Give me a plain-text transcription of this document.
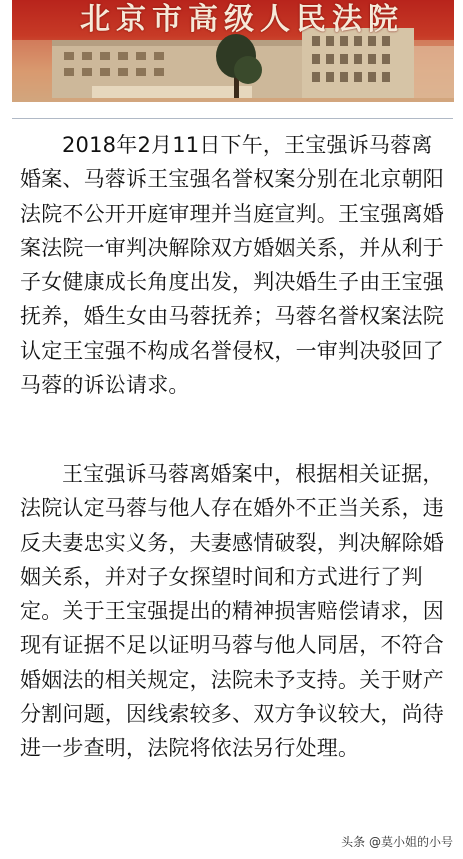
北京市高级人民法院
2018年2月11日下午，王宝强诉马蓉离婚案、马蓉诉王宝强名誉权案分别在北京朝阳法院不公开开庭审理并当庭宣判。王宝强离婚案法院一审判决解除双方婚姻关系，并从利于子女健康成长角度出发，判决婚生子由王宝强抚养，婚生女由马蓉抚养；马蓉名誉权案法院认定王宝强不构成名誉侵权，一审判决驳回了马蓉的诉讼请求。
王宝强诉马蓉离婚案中，根据相关证据，法院认定马蓉与他人存在婚外不正当关系，违反夫妻忠实义务，夫妻感情破裂，判决解除婚姻关系，并对子女探望时间和方式进行了判定。关于王宝强提出的精神损害赔偿请求，因现有证据不足以证明马蓉与他人同居，不符合婚姻法的相关规定，法院未予支持。关于财产分割问题，因线索较多、双方争议较大，尚待进一步查明，法院将依法另行处理。
头条 @莫小姐的小号
